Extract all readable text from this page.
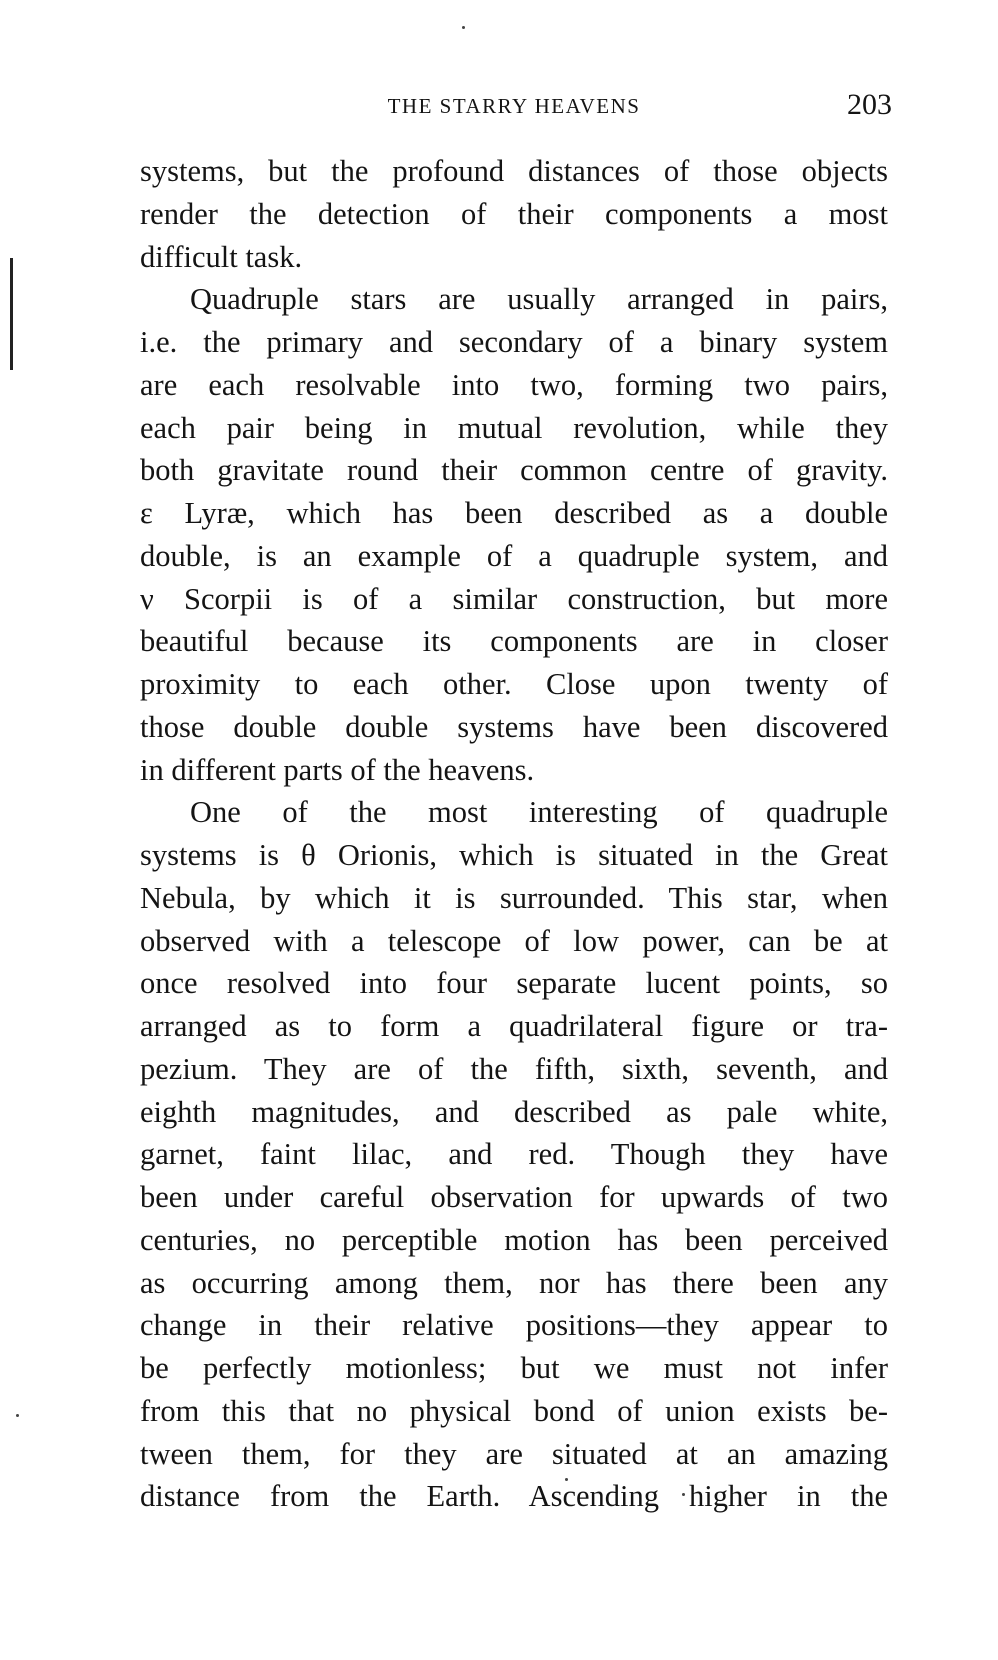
THE STARRY HEAVENS	203
systems, but the profound distances of those objects
render the detection of their components a most
difficult task.
Quadruple stars are usually arranged in pairs,
i.e. the primary and secondary of a binary system
are each resolvable into two, forming two pairs,
each pair being in mutual revolution, while they
both gravitate round their common centre of gravity.
ε Lyræ, which has been described as a double
double, is an example of a quadruple system, and
ν Scorpii is of a similar construction, but more
beautiful because its components are in closer
proximity to each other. Close upon twenty of
those double double systems have been discovered
in different parts of the heavens.
One of the most interesting of quadruple
systems is θ Orionis, which is situated in the Great
Nebula, by which it is surrounded. This star, when
observed with a telescope of low power, can be at
once resolved into four separate lucent points, so
arranged as to form a quadrilateral figure or tra-
pezium. They are of the fifth, sixth, seventh, and
eighth magnitudes, and described as pale white,
garnet, faint lilac, and red. Though they have
been under careful observation for upwards of two
centuries, no perceptible motion has been perceived
as occurring among them, nor has there been any
change in their relative positions—they appear to
be perfectly motionless; but we must not infer
from this that no physical bond of union exists be-
tween them, for they are situated at an amazing
distance from the Earth. Ascending higher in the
